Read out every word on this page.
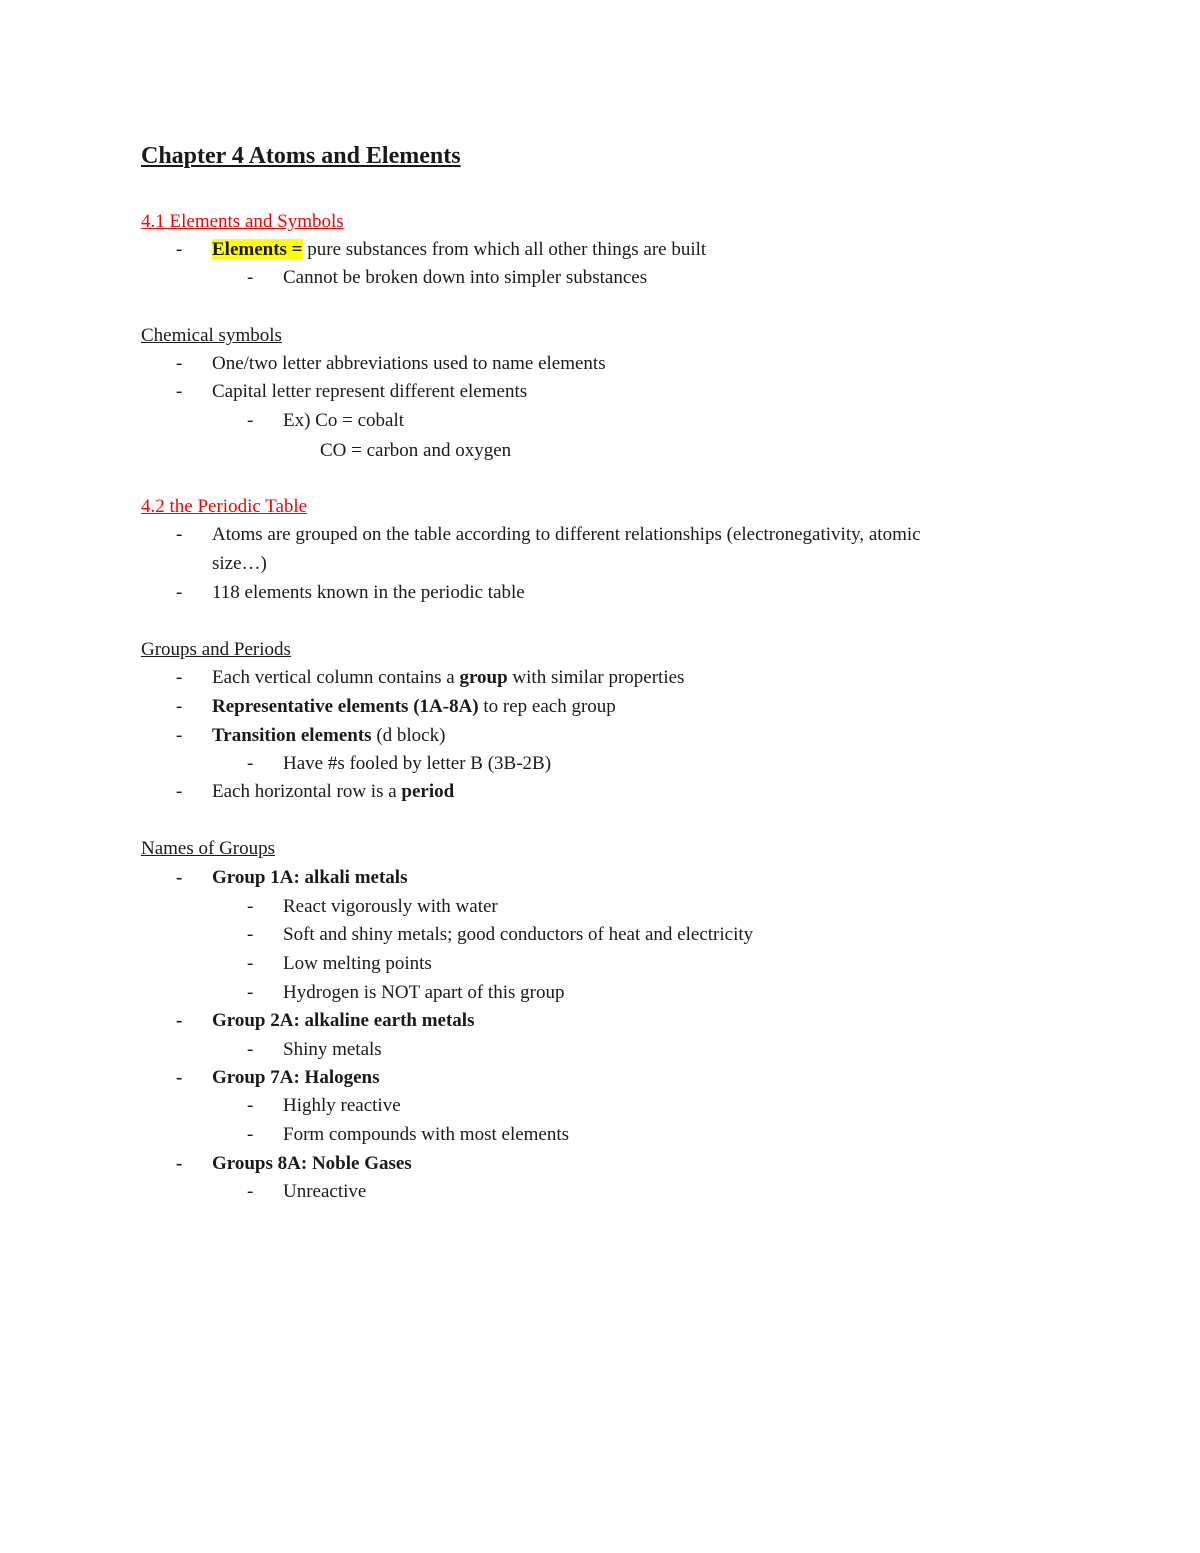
Chapter 4 Atoms and Elements
4.1 Elements and Symbols
- Elements = pure substances from which all other things are built
- Cannot be broken down into simpler substances
Chemical symbols
- One/two letter abbreviations used to name elements
- Capital letter represent different elements
- Ex) Co = cobalt
CO = carbon and oxygen
4.2 the Periodic Table
- Atoms are grouped on the table according to different relationships (electronegativity, atomic
size…)
- 118 elements known in the periodic table
Groups and Periods
- Each vertical column contains a group with similar properties
- Representative elements (1A-8A) to rep each group
- Transition elements (d block)
- Have #s fooled by letter B (3B-2B)
- Each horizontal row is a period
Names of Groups
- Group 1A: alkali metals
- React vigorously with water
- Soft and shiny metals; good conductors of heat and electricity
- Low melting points
- Hydrogen is NOT apart of this group
- Group 2A: alkaline earth metals
- Shiny metals
- Group 7A: Halogens
- Highly reactive
- Form compounds with most elements
- Groups 8A: Noble Gases
- Unreactive
